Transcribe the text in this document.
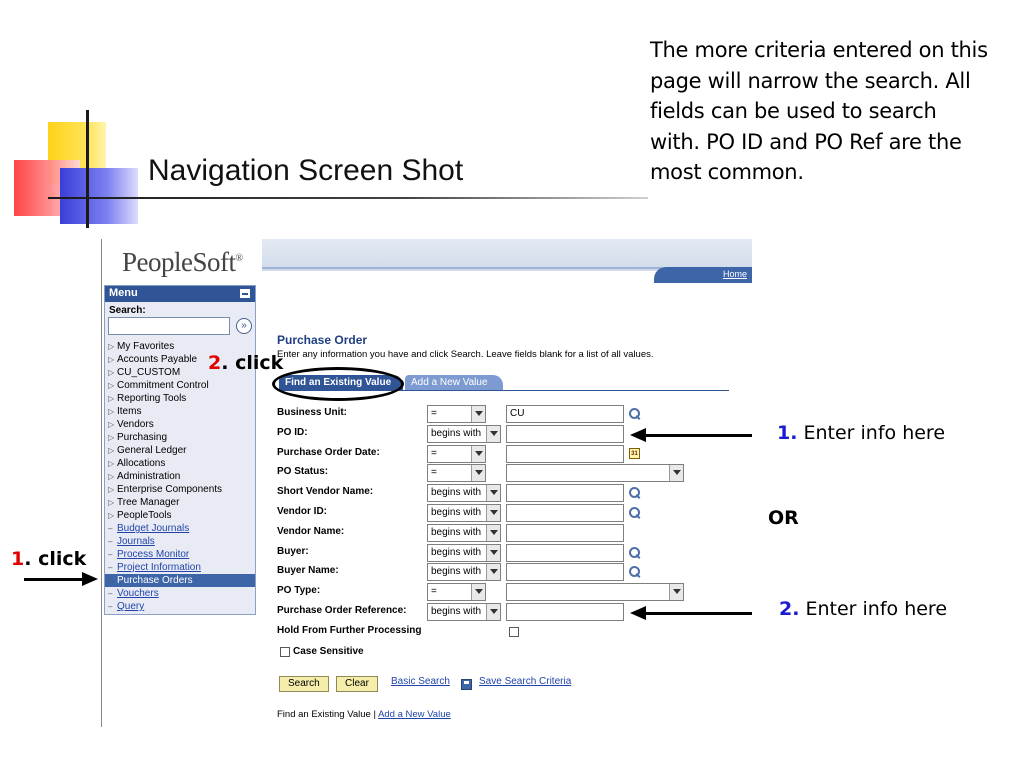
Navigation Screen Shot
The more criteria entered on this page will narrow the search. All fields can be used to search with. PO ID and PO Ref are the most common.
Home
PeopleSoft®
Menu
Search:
»
▷ My Favorites
▷ Accounts Payable
▷ CU_CUSTOM
▷ Commitment Control
▷ Reporting Tools
▷ Items
▷ Vendors
▷ Purchasing
▷ General Ledger
▷ Allocations
▷ Administration
▷ Enterprise Components
▷ Tree Manager
▷ PeopleTools
– Budget Journals
– Journals
– Process Monitor
– Project Information
– Purchase Orders
– Vouchers
– Query
Purchase Order
Enter any information you have and click Search. Leave fields blank for a list of all values.
Find an Existing Value	Add a New Value
Business Unit:	=	CU
PO ID:	begins with
Purchase Order Date:	=	31
PO Status:	=
Short Vendor Name:	begins with
Vendor ID:	begins with
Vendor Name:	begins with
Buyer:	begins with
Buyer Name:	begins with
PO Type:	=
Purchase Order Reference:	begins with
Hold From Further Processing
Case Sensitive
Search	Clear	Basic Search	Save Search Criteria
Find an Existing Value | Add a New Value
2. click
1. click
1. Enter info here
OR
2. Enter info here
